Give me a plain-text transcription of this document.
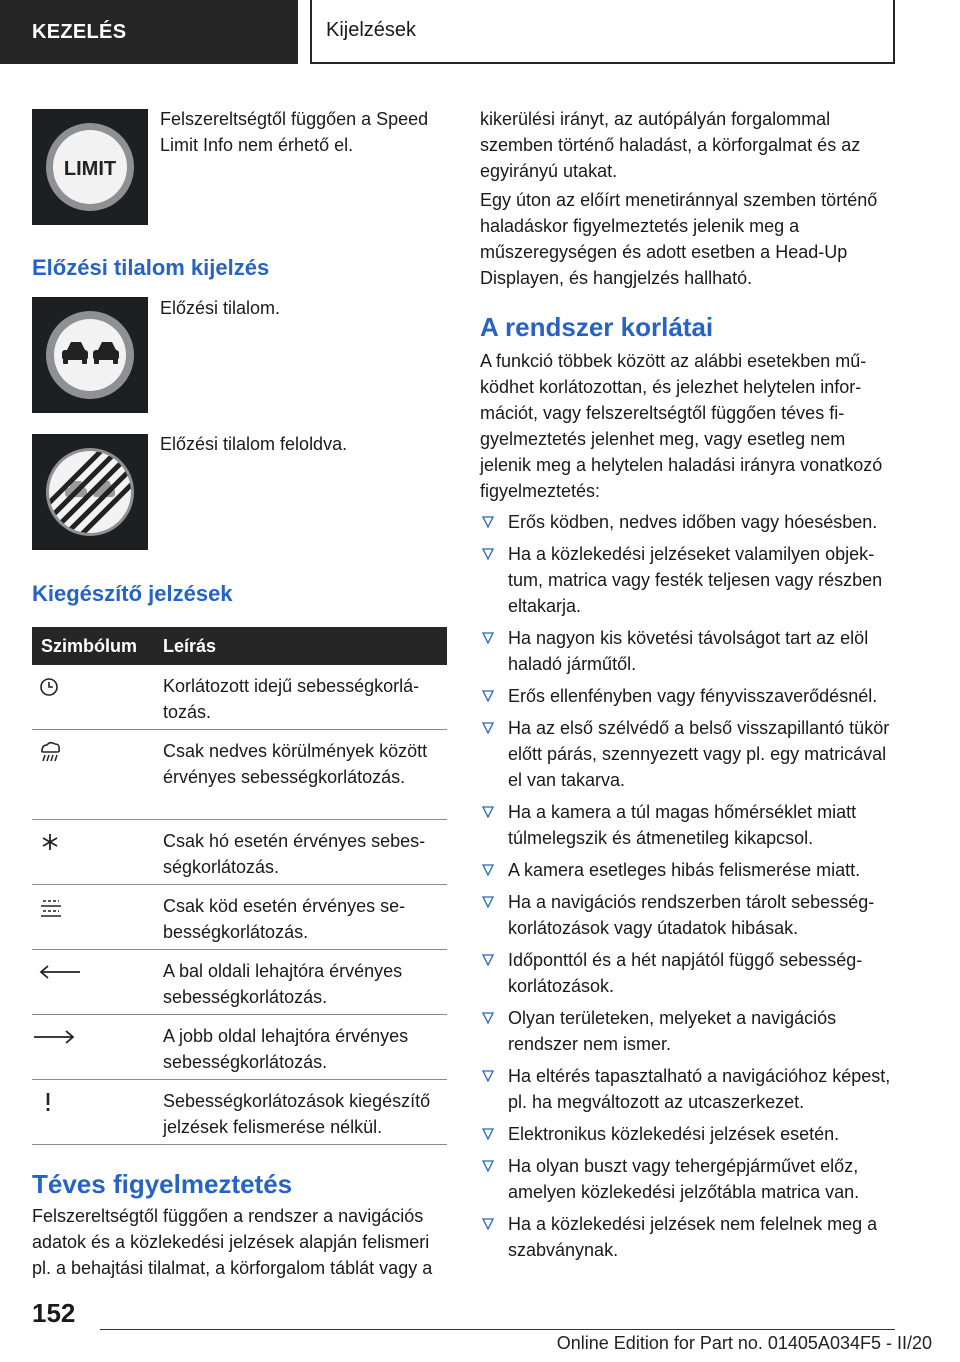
KEZELÉS	Kijelzések
LIMIT

Felszereltségtől függően a Speed Limit Info nem érhető el.

Előzési tilalom kijelzés

Előzési tilalom.

Előzési tilalom feloldva.

Kiegészítő jelzések

Szimbólum Leírás
Korlátozott idejű sebességkorlátozás.
Csak nedves körülmények között érvényes sebességkorlátozás.
Csak hó esetén érvényes sebességkorlátozás.
Csak köd esetén érvényes sebességkorlátozás.
A bal oldali lehajtóra érvényes sebességkorlátozás.
A jobb oldal lehajtóra érvényes sebességkorlátozás.
Sebességkorlátozások kiegészítő jelzések felismerése nélkül.

Téves figyelmeztetés

Felszereltségtől függően a rendszer a navigációs adatok és a közlekedési jelzések alapján felismeri pl. a behajtási tilalmat, a körforgalom táblát vagy a

kikerülési irányt, az autópályán forgalommal szemben történő haladást, a körforgalmat és az egyirányú utakat.

Egy úton az előírt menetiránnyal szemben történő haladáskor figyelmeztetés jelenik meg a műszeregységen és adott esetben a Head-Up Displayen, és hangjelzés hallható.

A rendszer korlátai

A funkció többek között az alábbi esetekben működhet korlátozottan, és jelezhet helytelen információt, vagy felszereltségtől függően téves figyelmeztetés jelenhet meg, vagy esetleg nem jelenik meg a helytelen haladási irányra vonatkozó figyelmeztetés:

Erős ködben, nedves időben vagy hóesésben.
Ha a közlekedési jelzéseket valamilyen objektum, matrica vagy festék teljesen vagy részben eltakarja.
Ha nagyon kis követési távolságot tart az elöl haladó járműtől.
Erős ellenfényben vagy fényvisszaverődésnél.
Ha az első szélvédő a belső visszapillantó tükör előtt párás, szennyezett vagy pl. egy matricával el van takarva.
Ha a kamera a túl magas hőmérséklet miatt túlmelegszik és átmenetileg kikapcsol.
A kamera esetleges hibás felismerése miatt.
Ha a navigációs rendszerben tárolt sebességkorlátozások vagy útadatok hibásak.
Időponttól és a hét napjától függő sebességkorlátozások.
Olyan területeken, melyeket a navigációs rendszer nem ismer.
Ha eltérés tapasztalható a navigációhoz képest, pl. ha megváltozott az utcaszerkezet.
Elektronikus közlekedési jelzések esetén.
Ha olyan buszt vagy tehergépjárművet előz, amelyen közlekedési jelzőtábla matrica van.
Ha a közlekedési jelzések nem felelnek meg a szabványnak.
152
Online Edition for Part no. 01405A034F5 - II/20
